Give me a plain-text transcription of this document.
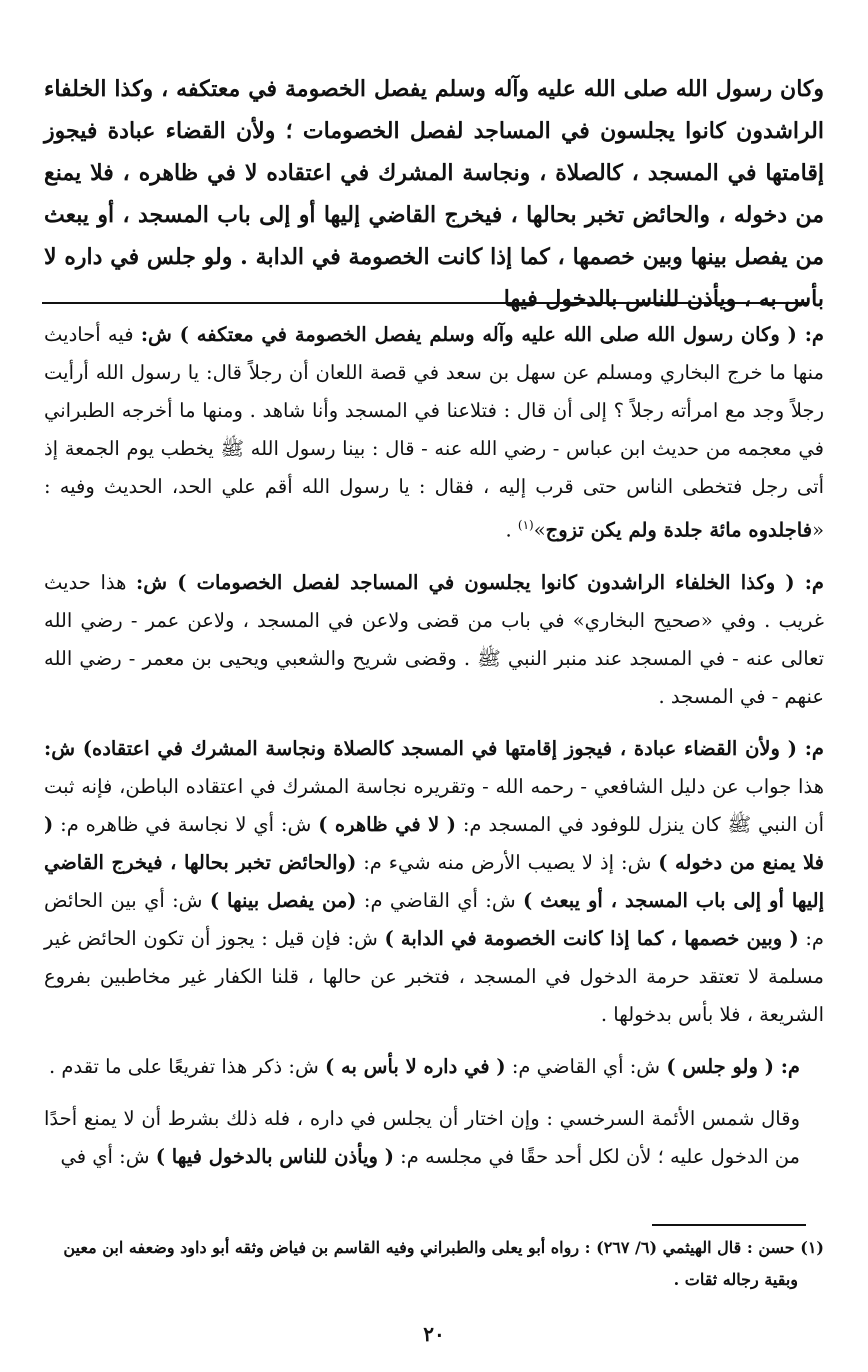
وكان رسول الله صلى الله عليه وآله وسلم يفصل الخصومة في معتكفه ، وكذا الخلفاء الراشدون كانوا يجلسون في المساجد لفصل الخصومات ؛ ولأن القضاء عبادة فيجوز إقامتها في المسجد ، كالصلاة ، ونجاسة المشرك في اعتقاده لا في ظاهره ، فلا يمنع من دخوله ، والحائض تخبر بحالها ، فيخرج القاضي إليها أو إلى باب المسجد ، أو يبعث من يفصل بينها وبين خصمها ، كما إذا كانت الخصومة في الدابة . ولو جلس في داره لا بأس به ، ويأذن للناس بالدخول فيها

م: ( وكان رسول الله صلى الله عليه وآله وسلم يفصل الخصومة في معتكفه ) ش: فيه أحاديث منها ما خرج البخاري ومسلم عن سهل بن سعد في قصة اللعان أن رجلاً قال: يا رسول الله أرأيت رجلاً وجد مع امرأته رجلاً ؟ إلى أن قال : فتلاعنا في المسجد وأنا شاهد . ومنها ما أخرجه الطبراني في معجمه من حديث ابن عباس - رضي الله عنه - قال : بينا رسول الله ﷺ يخطب يوم الجمعة إذ أتى رجل فتخطى الناس حتى قرب إليه ، فقال : يا رسول الله أقم علي الحد، الحديث وفيه : «فاجلدوه مائة جلدة ولم يكن تزوج»$^{(١)}$ .

م: ( وكذا الخلفاء الراشدون كانوا يجلسون في المساجد لفصل الخصومات ) ش: هذا حديث غريب . وفي «صحيح البخاري» في باب من قضى ولاعن في المسجد ، ولاعن عمر - رضي الله تعالى عنه - في المسجد عند منبر النبي ﷺ . وقضى شريح والشعبي ويحيى بن معمر - رضي الله عنهم - في المسجد .

م: ( ولأن القضاء عبادة ، فيجوز إقامتها في المسجد كالصلاة ونجاسة المشرك في اعتقاده) ش: هذا جواب عن دليل الشافعي - رحمه الله - وتقريره نجاسة المشرك في اعتقاده الباطن، فإنه ثبت أن النبي ﷺ كان ينزل للوفود في المسجد م: ( لا في ظاهره ) ش: أي لا نجاسة في ظاهره م: ( فلا يمنع من دخوله ) ش: إذ لا يصيب الأرض منه شيء م: (والحائض تخبر بحالها ، فيخرج القاضي إليها أو إلى باب المسجد ، أو يبعث ) ش: أي القاضي م: (من يفصل بينها ) ش: أي بين الحائض م: ( وبين خصمها ، كما إذا كانت الخصومة في الدابة ) ش: فإن قيل : يجوز أن تكون الحائض غير مسلمة لا تعتقد حرمة الدخول في المسجد ، فتخبر عن حالها ، قلنا الكفار غير مخاطبين بفروع الشريعة ، فلا بأس بدخولها .

م: ( ولو جلس ) ش: أي القاضي م: ( في داره لا بأس به ) ش: ذكر هذا تفريعًا على ما تقدم .

وقال شمس الأئمة السرخسي : وإن اختار أن يجلس في داره ، فله ذلك بشرط أن لا يمنع أحدًا من الدخول عليه ؛ لأن لكل أحد حقًا في مجلسه م: ( ويأذن للناس بالدخول فيها ) ش: أي في

(١) حسن : قال الهيثمي (٦/ ٢٦٧) : رواه أبو يعلى والطبراني وفيه القاسم بن فياض وثقه أبو داود وضعفه ابن معين

وبقية رجاله ثقات .

٢٠
